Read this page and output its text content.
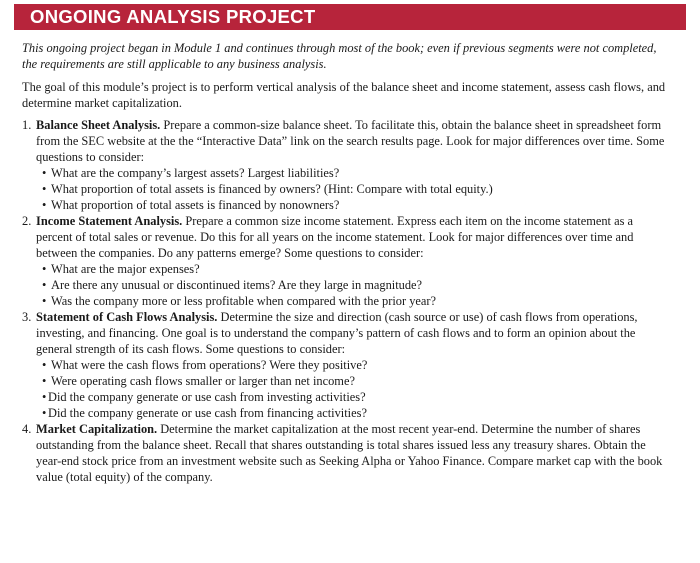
ONGOING ANALYSIS PROJECT

This ongoing project began in Module 1 and continues through most of the book; even if previous segments were not completed, the requirements are still applicable to any business analysis.

The goal of this module’s project is to perform vertical analysis of the balance sheet and income statement, assess cash flows, and determine market capitalization.

1. Balance Sheet Analysis. Prepare a common-size balance sheet. To facilitate this, obtain the balance sheet in spreadsheet form from the SEC website at the the “Interactive Data” link on the search results page. Look for major differences over time. Some questions to consider:
• What are the company’s largest assets? Largest liabilities?
• What proportion of total assets is financed by owners? (Hint: Compare with total equity.)
• What proportion of total assets is financed by nonowners?
2. Income Statement Analysis. Prepare a common size income statement. Express each item on the income statement as a percent of total sales or revenue. Do this for all years on the income statement. Look for major differences over time and between the companies. Do any patterns emerge? Some questions to consider:
• What are the major expenses?
• Are there any unusual or discontinued items? Are they large in magnitude?
• Was the company more or less profitable when compared with the prior year?
3. Statement of Cash Flows Analysis. Determine the size and direction (cash source or use) of cash flows from operations, investing, and financing. One goal is to understand the company’s pattern of cash flows and to form an opinion about the general strength of its cash flows. Some questions to consider:
• What were the cash flows from operations? Were they positive?
• Were operating cash flows smaller or larger than net income?
• Did the company generate or use cash from investing activities?
• Did the company generate or use cash from financing activities?
4. Market Capitalization. Determine the market capitalization at the most recent year-end. Determine the number of shares outstanding from the balance sheet. Recall that shares outstanding is total shares issued less any treasury shares. Obtain the year-end stock price from an investment website such as Seeking Alpha or Yahoo Finance. Compare market cap with the book value (total equity) of the company.
